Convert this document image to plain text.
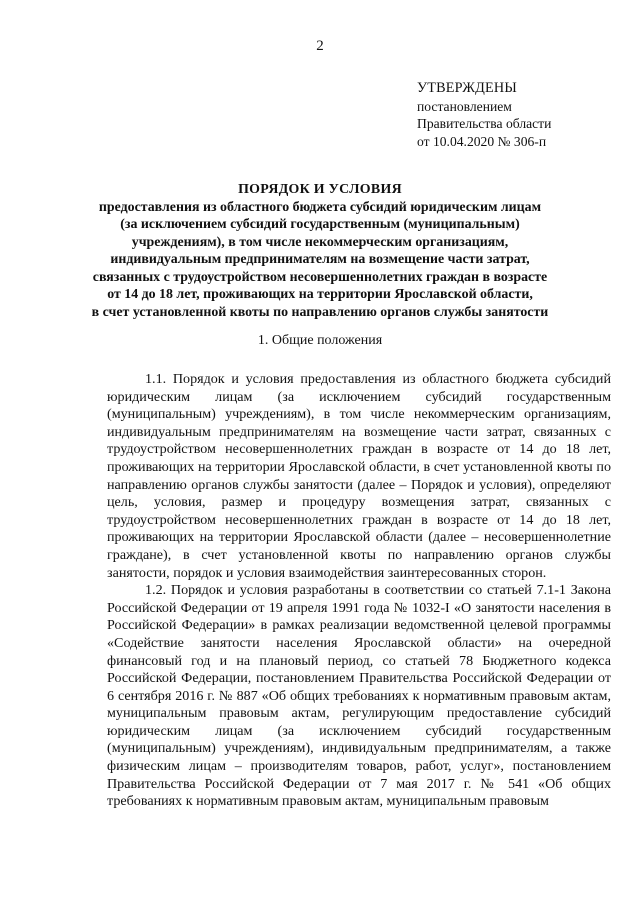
2
УТВЕРЖДЕНЫ
постановлением
Правительства области
от 10.04.2020 № 306-п
ПОРЯДОК И УСЛОВИЯ
предоставления из областного бюджета субсидий юридическим лицам
(за исключением субсидий государственным (муниципальным)
учреждениям), в том числе некоммерческим организациям,
индивидуальным предпринимателям на возмещение части затрат,
связанных с трудоустройством несовершеннолетних граждан в возрасте
от 14 до 18 лет, проживающих на территории Ярославской области,
в счет установленной квоты по направлению органов службы занятости
1. Общие положения

1.1. Порядок и условия предоставления из областного бюджета субсидий юридическим лицам (за исключением субсидий государственным (муниципальным) учреждениям), в том числе некоммерческим организациям, индивидуальным предпринимателям на возмещение части затрат, связанных с трудоустройством несовершеннолетних граждан в возрасте от 14 до 18 лет, проживающих на территории Ярославской области, в счет установленной квоты по направлению органов службы занятости (далее – Порядок и условия), определяют цель, условия, размер и процедуру возмещения затрат, связанных с трудоустройством несовершеннолетних граждан в возрасте от 14 до 18 лет, проживающих на территории Ярославской области (далее – несовершеннолетние граждане), в счет установленной квоты по направлению органов службы занятости, порядок и условия взаимодействия заинтересованных сторон.

1.2. Порядок и условия разработаны в соответствии со статьей 7.1-1 Закона Российской Федерации от 19 апреля 1991 года № 1032-I «О занятости населения в Российской Федерации» в рамках реализации ведомственной целевой программы «Содействие занятости населения Ярославской области» на очередной финансовый год и на плановый период, со статьей 78 Бюджетного кодекса Российской Федерации, постановлением Правительства Российской Федерации от 6 сентября 2016 г. № 887 «Об общих требованиях к нормативным правовым актам, муниципальным правовым актам, регулирующим предоставление субсидий юридическим лицам (за исключением субсидий государственным (муниципальным) учреждениям), индивидуальным предпринимателям, а также физическим лицам – производителям товаров, работ, услуг», постановлением Правительства Российской Федерации от 7 мая 2017 г. № 541 «Об общих требованиях к нормативным правовым актам, муниципальным правовым
